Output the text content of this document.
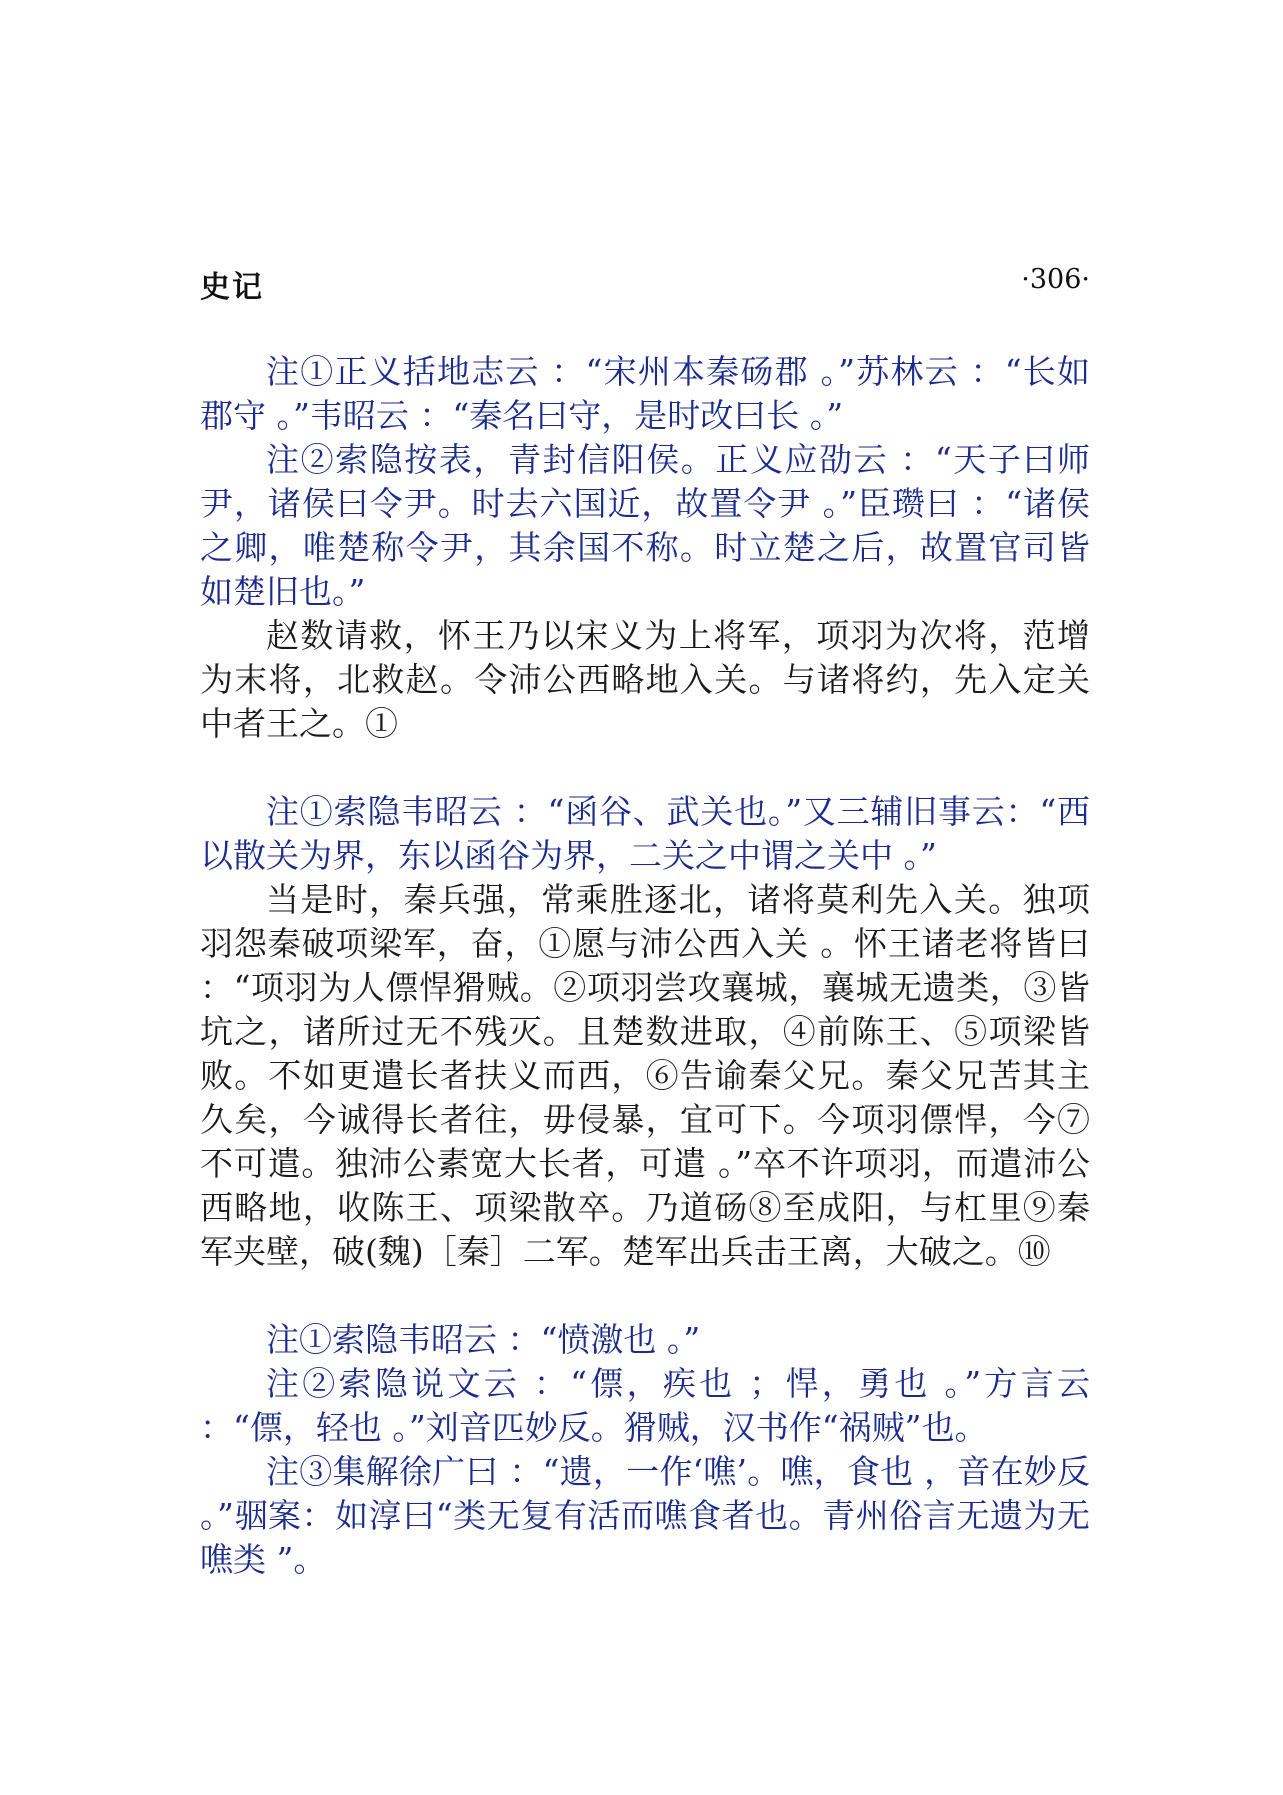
史记	·306·

注①正义括地志云 ：“宋州本秦砀郡 。”苏林云 ：“长如郡守 。”韦昭云 ：“秦名曰守，是时改曰长 。”

注②索隐按表，青封信阳侯。正义应劭云 ：“天子曰师尹，诸侯曰令尹。时去六国近，故置令尹 。”臣瓒曰 ：“诸侯之卿，唯楚称令尹，其余国不称。时立楚之后，故置官司皆如楚旧也。”

赵数请救，怀王乃以宋义为上将军，项羽为次将，范增为末将，北救赵。令沛公西略地入关。与诸将约，先入定关中者王之。①

注①索隐韦昭云 ：“函谷、武关也。”又三辅旧事云：“西以散关为界，东以函谷为界，二关之中谓之关中 。”

当是时，秦兵强，常乘胜逐北，诸将莫利先入关。独项羽怨秦破项梁军，奋，①愿与沛公西入关 。怀王诸老将皆曰 ：“项羽为人僄悍猾贼。②项羽尝攻襄城，襄城无遗类，③皆坑之，诸所过无不残灭。且楚数进取，④前陈王、⑤项梁皆败。不如更遣长者扶义而西，⑥告谕秦父兄。秦父兄苦其主久矣，今诚得长者往，毋侵暴，宜可下。今项羽僄悍，今⑦不可遣。独沛公素宽大长者，可遣 。”卒不许项羽，而遣沛公西略地，收陈王、项梁散卒。乃道砀⑧至成阳，与杠里⑨秦军夹壁，破(魏)［秦］二军。楚军出兵击王离，大破之。⑩

注①索隐韦昭云 ：“愤激也 。”

注②索隐说文云 ：“僄，疾也 ；悍，勇也 。”方言云 ：“僄，轻也 。”刘音匹妙反。猾贼，汉书作“祸贼”也。

注③集解徐广曰 ：“遗，一作‘噍’。噍，食也 ，音在妙反 。”骃案：如淳曰“类无复有活而噍食者也。青州俗言无遗为无噍类 ”。
